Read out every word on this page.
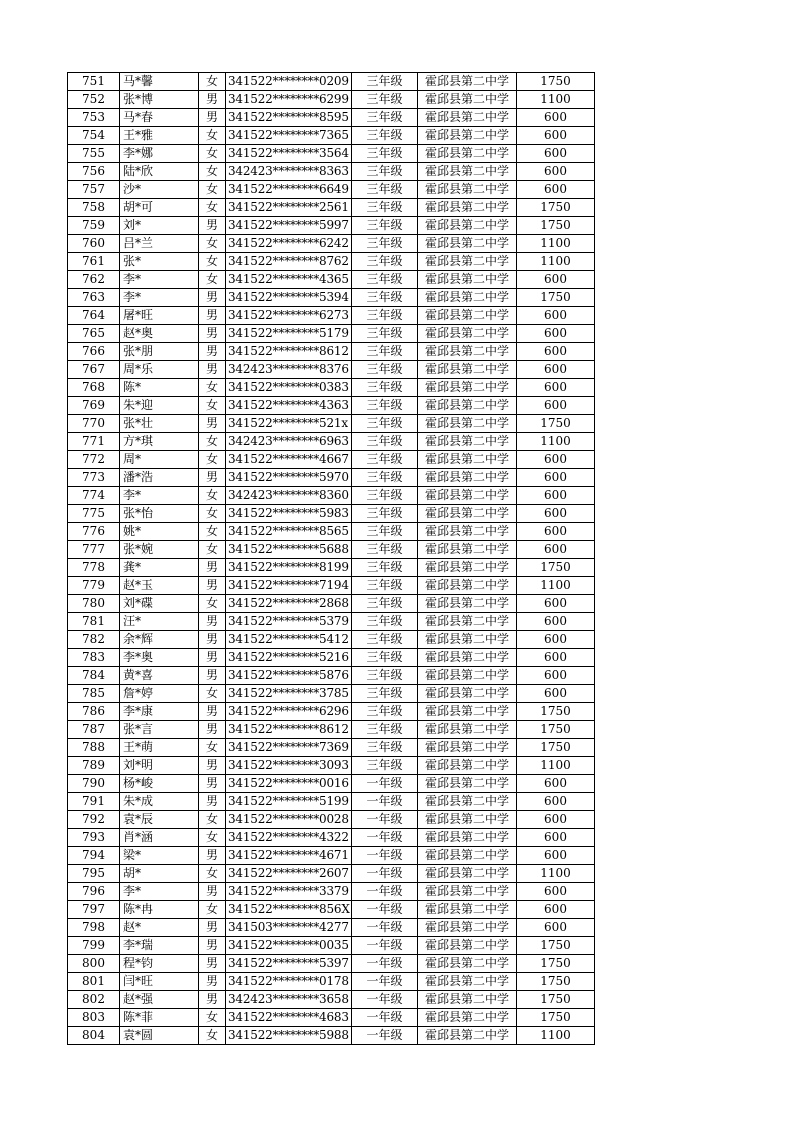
751	马*馨	女	341522********0209	三年级	霍邱县第二中学	1750
752	张*博	男	341522********6299	三年级	霍邱县第二中学	1100
753	马*春	男	341522********8595	三年级	霍邱县第二中学	600
754	王*雅	女	341522********7365	三年级	霍邱县第二中学	600
755	李*娜	女	341522********3564	三年级	霍邱县第二中学	600
756	陆*欣	女	342423********8363	三年级	霍邱县第二中学	600
757	沙*	女	341522********6649	三年级	霍邱县第二中学	600
758	胡*可	女	341522********2561	三年级	霍邱县第二中学	1750
759	刘*	男	341522********5997	三年级	霍邱县第二中学	1750
760	吕*兰	女	341522********6242	三年级	霍邱县第二中学	1100
761	张*	女	341522********8762	三年级	霍邱县第二中学	1100
762	李*	女	341522********4365	三年级	霍邱县第二中学	600
763	李*	男	341522********5394	三年级	霍邱县第二中学	1750
764	屠*旺	男	341522********6273	三年级	霍邱县第二中学	600
765	赵*奥	男	341522********5179	三年级	霍邱县第二中学	600
766	张*朋	男	341522********8612	三年级	霍邱县第二中学	600
767	周*乐	男	342423********8376	三年级	霍邱县第二中学	600
768	陈*	女	341522********0383	三年级	霍邱县第二中学	600
769	朱*迎	女	341522********4363	三年级	霍邱县第二中学	600
770	张*壮	男	341522********521x	三年级	霍邱县第二中学	1750
771	方*琪	女	342423********6963	三年级	霍邱县第二中学	1100
772	周*	女	341522********4667	三年级	霍邱县第二中学	600
773	潘*浩	男	341522********5970	三年级	霍邱县第二中学	600
774	李*	女	342423********8360	三年级	霍邱县第二中学	600
775	张*怡	女	341522********5983	三年级	霍邱县第二中学	600
776	姚*	女	341522********8565	三年级	霍邱县第二中学	600
777	张*婉	女	341522********5688	三年级	霍邱县第二中学	600
778	龚*	男	341522********8199	三年级	霍邱县第二中学	1750
779	赵*玉	男	341522********7194	三年级	霍邱县第二中学	1100
780	刘*碟	女	341522********2868	三年级	霍邱县第二中学	600
781	汪*	男	341522********5379	三年级	霍邱县第二中学	600
782	余*辉	男	341522********5412	三年级	霍邱县第二中学	600
783	李*奥	男	341522********5216	三年级	霍邱县第二中学	600
784	黄*喜	男	341522********5876	三年级	霍邱县第二中学	600
785	詹*婷	女	341522********3785	三年级	霍邱县第二中学	600
786	李*康	男	341522********6296	三年级	霍邱县第二中学	1750
787	张*言	男	341522********8612	三年级	霍邱县第二中学	1750
788	王*萌	女	341522********7369	三年级	霍邱县第二中学	1750
789	刘*明	男	341522********3093	三年级	霍邱县第二中学	1100
790	杨*峻	男	341522********0016	一年级	霍邱县第二中学	600
791	朱*成	男	341522********5199	一年级	霍邱县第二中学	600
792	袁*辰	女	341522********0028	一年级	霍邱县第二中学	600
793	肖*涵	女	341522********4322	一年级	霍邱县第二中学	600
794	梁*	男	341522********4671	一年级	霍邱县第二中学	600
795	胡*	女	341522********2607	一年级	霍邱县第二中学	1100
796	李*	男	341522********3379	一年级	霍邱县第二中学	600
797	陈*冉	女	341522********856X	一年级	霍邱县第二中学	600
798	赵*	男	341503********4277	一年级	霍邱县第二中学	600
799	李*瑞	男	341522********0035	一年级	霍邱县第二中学	1750
800	程*钧	男	341522********5397	一年级	霍邱县第二中学	1750
801	闫*旺	男	341522********0178	一年级	霍邱县第二中学	1750
802	赵*强	男	342423********3658	一年级	霍邱县第二中学	1750
803	陈*菲	女	341522********4683	一年级	霍邱县第二中学	1750
804	袁*圆	女	341522********5988	一年级	霍邱县第二中学	1100
